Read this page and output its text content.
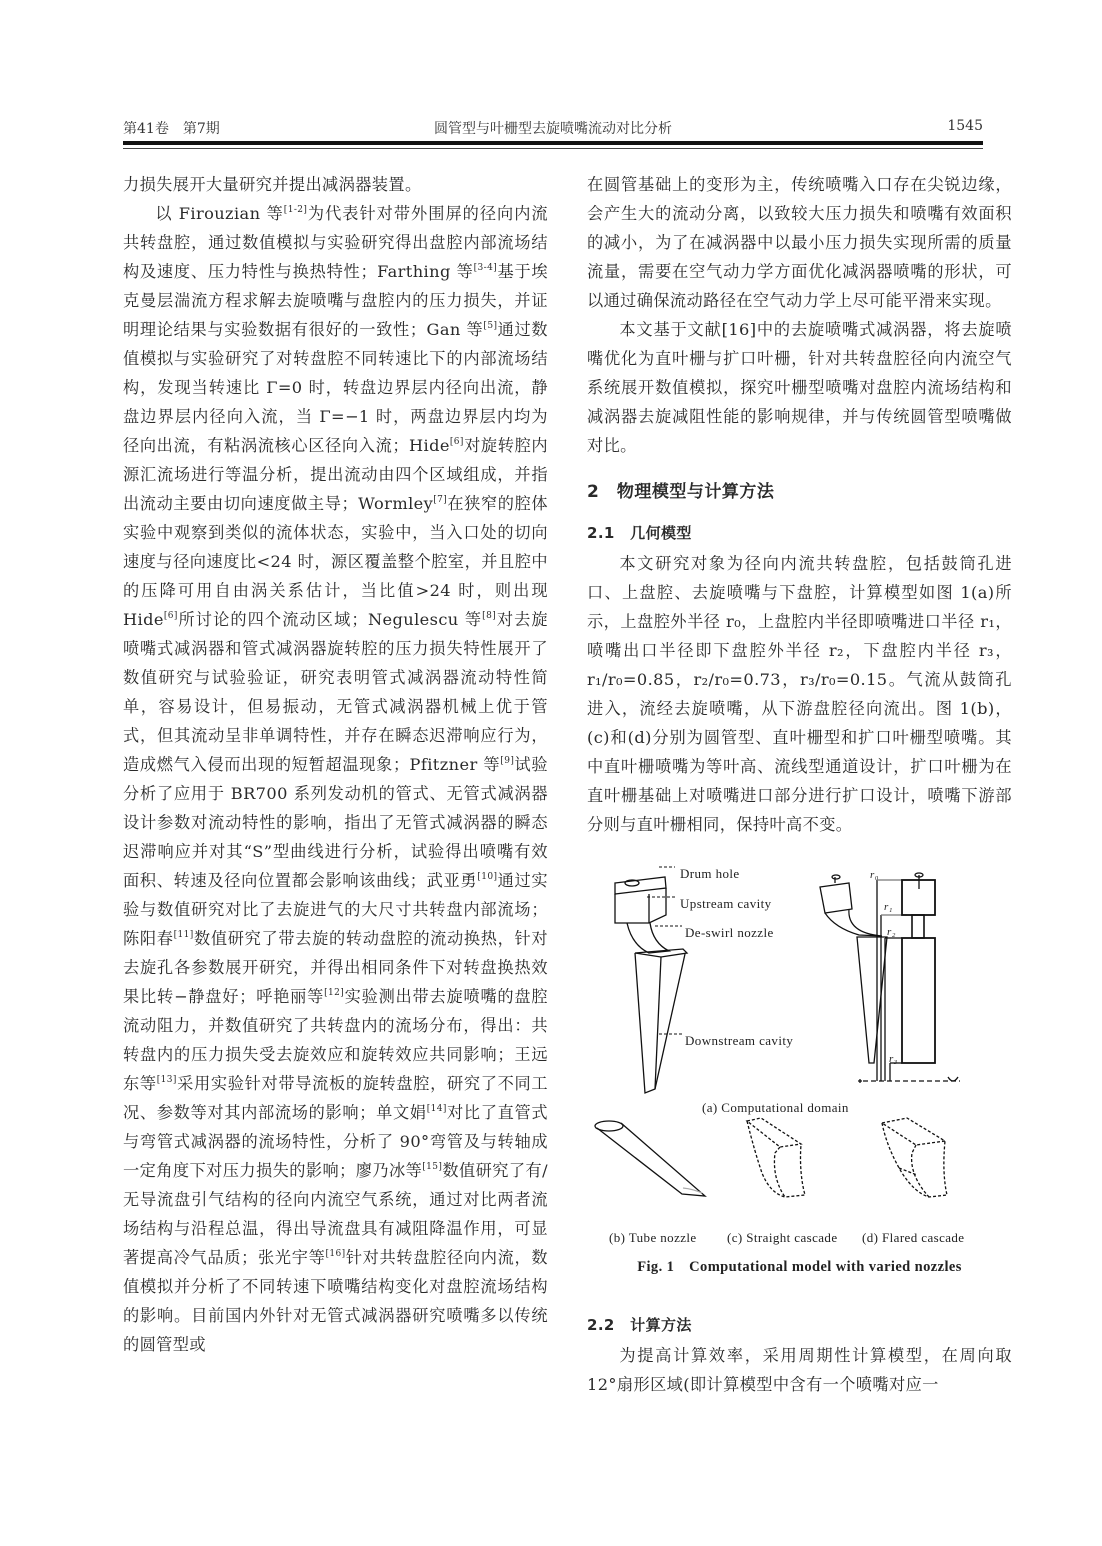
第41卷　第7期	圆管型与叶栅型去旋喷嘴流动对比分析	1545

力损失展开大量研究并提出减涡器装置。

以 Firouzian 等[1-2]为代表针对带外围屏的径向内流共转盘腔，通过数值模拟与实验研究得出盘腔内部流场结构及速度、压力特性与换热特性；Farthing 等[3-4]基于埃克曼层湍流方程求解去旋喷嘴与盘腔内的压力损失，并证明理论结果与实验数据有很好的一致性；Gan 等[5]通过数值模拟与实验研究了对转盘腔不同转速比下的内部流场结构，发现当转速比 Γ=0 时，转盘边界层内径向出流，静盘边界层内径向入流，当 Γ=−1 时，两盘边界层内均为径向出流，有粘涡流核心区径向入流；Hide[6]对旋转腔内源汇流场进行等温分析，提出流动由四个区域组成，并指出流动主要由切向速度做主导；Wormley[7]在狭窄的腔体实验中观察到类似的流体状态，实验中，当入口处的切向速度与径向速度比<24 时，源区覆盖整个腔室，并且腔中的压降可用自由涡关系估计，当比值>24 时，则出现 Hide[6]所讨论的四个流动区域；Negulescu 等[8]对去旋喷嘴式减涡器和管式减涡器旋转腔的压力损失特性展开了数值研究与试验验证，研究表明管式减涡器流动特性简单，容易设计，但易振动，无管式减涡器机械上优于管式，但其流动呈非单调特性，并存在瞬态迟滞响应行为，造成燃气入侵而出现的短暂超温现象；Pfitzner 等[9]试验分析了应用于 BR700 系列发动机的管式、无管式减涡器设计参数对流动特性的影响，指出了无管式减涡器的瞬态迟滞响应并对其“S”型曲线进行分析，试验得出喷嘴有效面积、转速及径向位置都会影响该曲线；武亚勇[10]通过实验与数值研究对比了去旋进气的大尺寸共转盘内部流场；陈阳春[11]数值研究了带去旋的转动盘腔的流动换热，针对去旋孔各参数展开研究，并得出相同条件下对转盘换热效果比转−静盘好；呼艳丽等[12]实验测出带去旋喷嘴的盘腔流动阻力，并数值研究了共转盘内的流场分布，得出：共转盘内的压力损失受去旋效应和旋转效应共同影响；王远东等[13]采用实验针对带导流板的旋转盘腔，研究了不同工况、参数等对其内部流场的影响；单文娟[14]对比了直管式与弯管式减涡器的流场特性，分析了 90°弯管及与转轴成一定角度下对压力损失的影响；廖乃冰等[15]数值研究了有/无导流盘引气结构的径向内流空气系统，通过对比两者流场结构与沿程总温，得出导流盘具有减阻降温作用，可显著提高冷气品质；张光宇等[16]针对共转盘腔径向内流，数值模拟并分析了不同转速下喷嘴结构变化对盘腔流场结构的影响。目前国内外针对无管式减涡器研究喷嘴多以传统的圆管型或

在圆管基础上的变形为主，传统喷嘴入口存在尖锐边缘，会产生大的流动分离，以致较大压力损失和喷嘴有效面积的减小，为了在减涡器中以最小压力损失实现所需的质量流量，需要在空气动力学方面优化减涡器喷嘴的形状，可以通过确保流动路径在空气动力学上尽可能平滑来实现。

本文基于文献[16]中的去旋喷嘴式减涡器，将去旋喷嘴优化为直叶栅与扩口叶栅，针对共转盘腔径向内流空气系统展开数值模拟，探究叶栅型喷嘴对盘腔内流场结构和减涡器去旋减阻性能的影响规律，并与传统圆管型喷嘴做对比。

2　物理模型与计算方法
2.1　几何模型

本文研究对象为径向内流共转盘腔，包括鼓筒孔进口、上盘腔、去旋喷嘴与下盘腔，计算模型如图 1(a)所示，上盘腔外半径 r₀，上盘腔内半径即喷嘴进口半径 r₁，喷嘴出口半径即下盘腔外半径 r₂，下盘腔内半径 r₃，r₁/r₀=0.85，r₂/r₀=0.73，r₃/r₀=0.15。气流从鼓筒孔进入，流经去旋喷嘴，从下游盘腔径向流出。图 1(b)，(c)和(d)分别为圆管型、直叶栅型和扩口叶栅型喷嘴。其中直叶栅喷嘴为等叶高、流线型通道设计，扩口叶栅为在直叶栅基础上对喷嘴进口部分进行扩口设计，喷嘴下游部分则与直叶栅相同，保持叶高不变。

Drum hole
Upstream cavity
De-swirl nozzle
Downstream cavity
r₀
r₁
r₂
r₃
(a) Computational domain
(b) Tube nozzle (c) Straight cascade (d) Flared cascade
Fig. 1　Computational model with varied nozzles
2.2　计算方法

为提高计算效率，采用周期性计算模型，在周向取 12°扇形区域(即计算模型中含有一个喷嘴对应一
